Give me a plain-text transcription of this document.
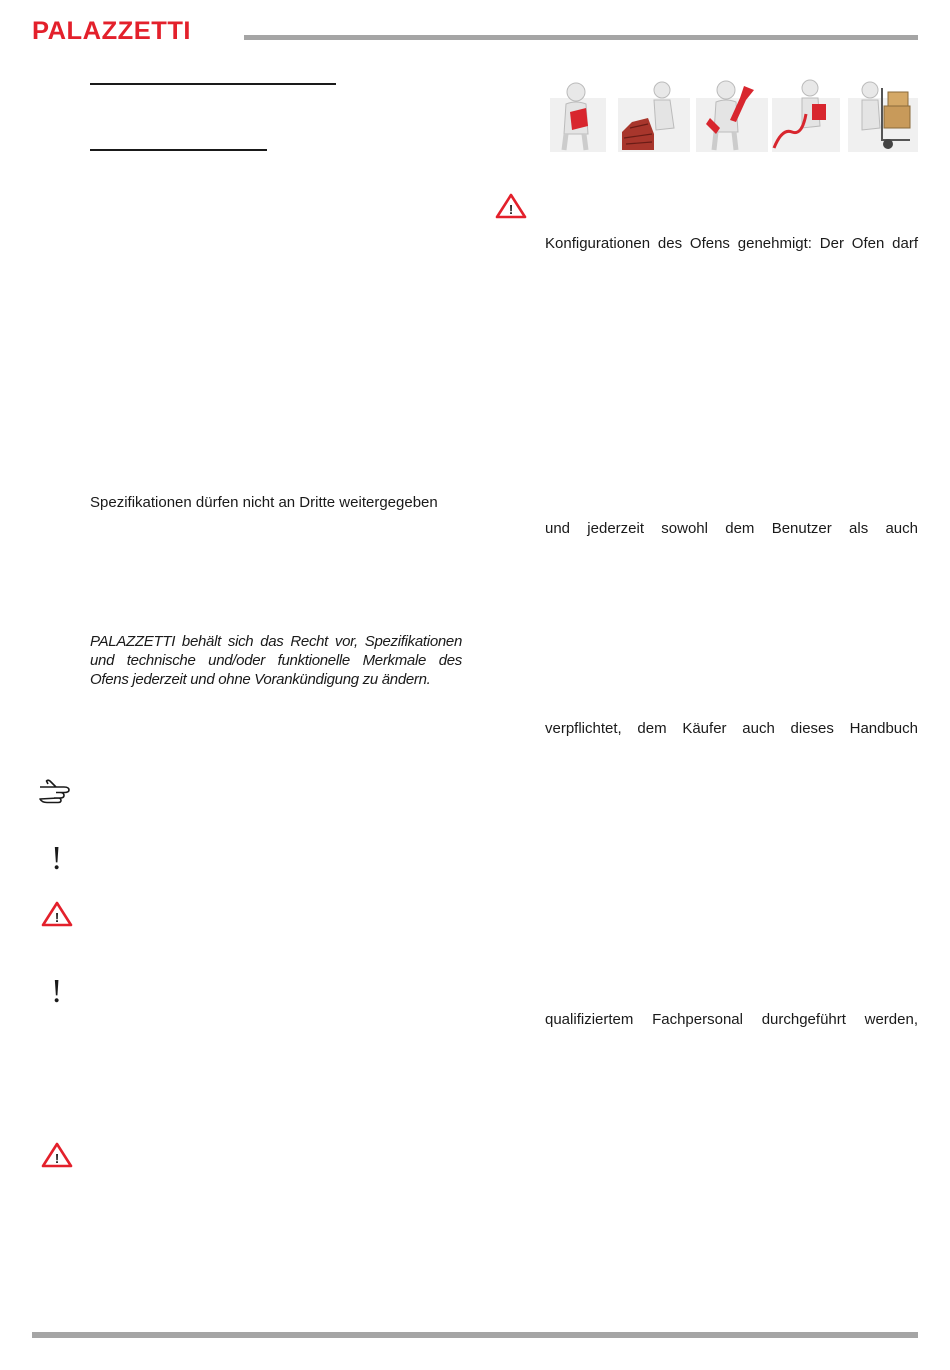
PALAZZETTI
Spezifikationen dürfen nicht an Dritte weitergegeben
PALAZZETTI behält sich das Recht vor, Spezifikationen
und technische und/oder funktionelle Merkmale des
Ofens jederzeit und ohne Vorankündigung zu ändern.
!
!
!
!
!
Konfigurationen des Ofens genehmigt: Der Ofen darf
und jederzeit sowohl dem Benutzer als auch
verpflichtet, dem Käufer auch dieses Handbuch
qualifiziertem Fachpersonal durchgeführt werden,
